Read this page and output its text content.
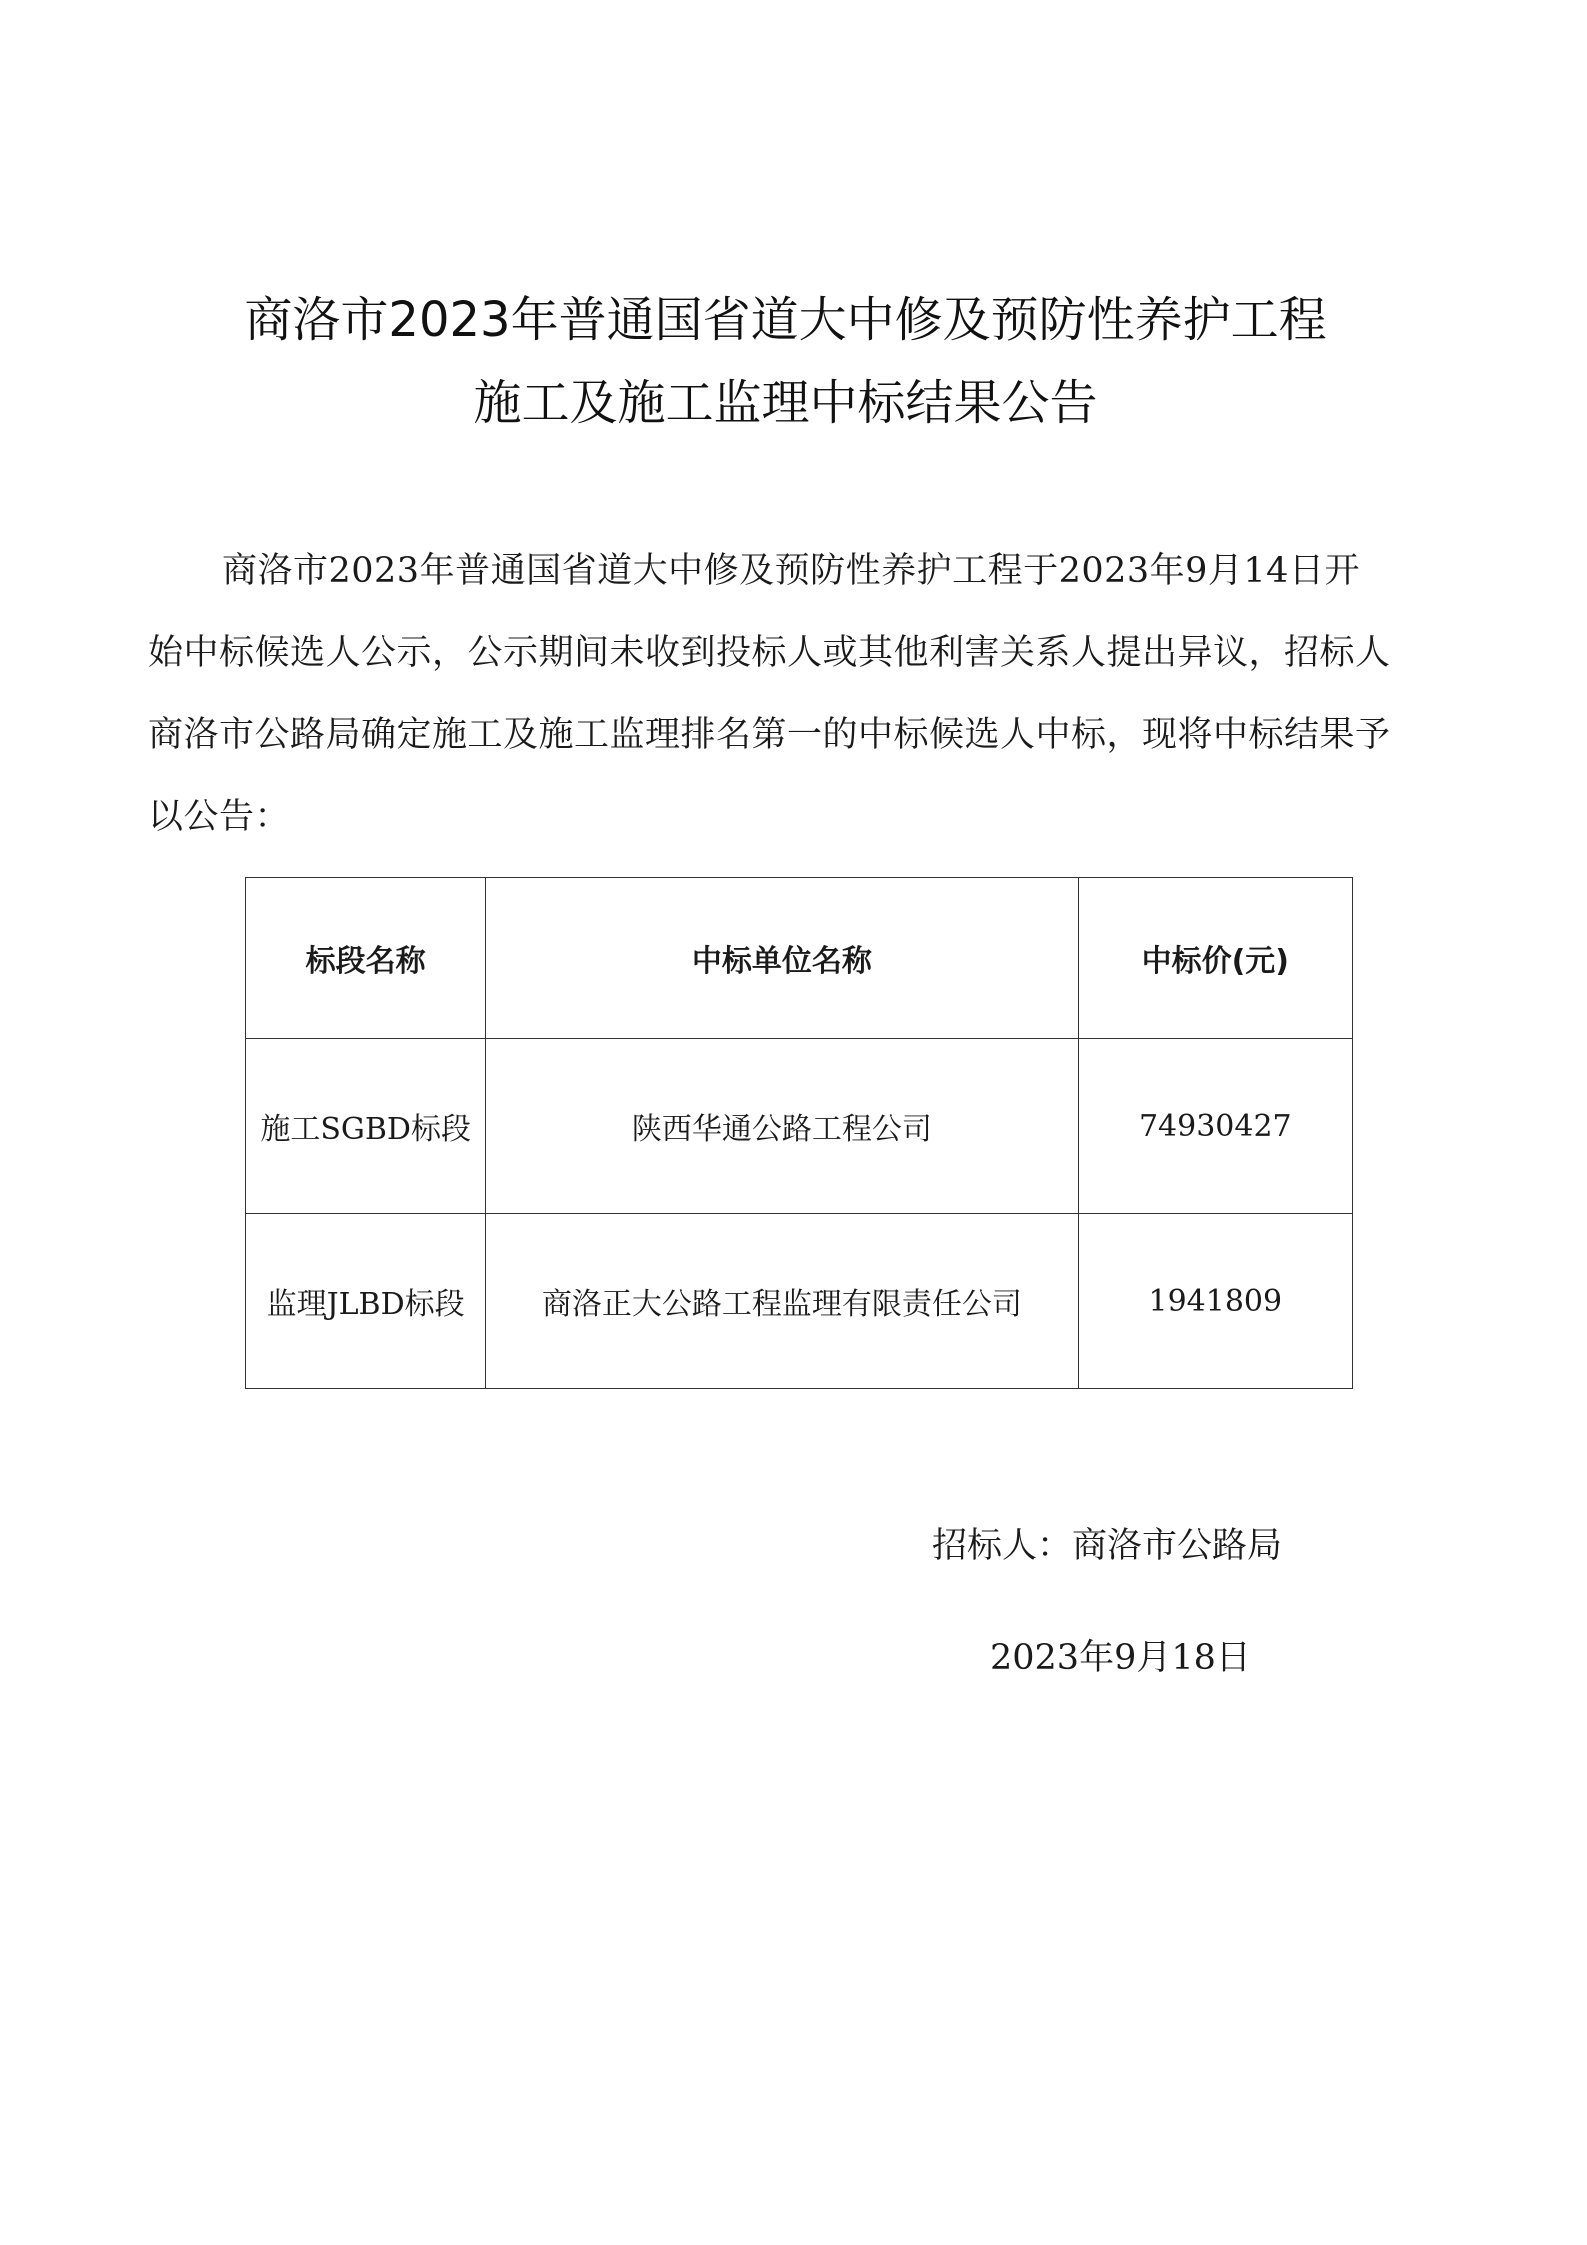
商洛市2023年普通国省道大中修及预防性养护工程
施工及施工监理中标结果公告
商洛市2023年普通国省道大中修及预防性养护工程于2023年9月14日开
始中标候选人公示，公示期间未收到投标人或其他利害关系人提出异议，招标人
商洛市公路局确定施工及施工监理排名第一的中标候选人中标，现将中标结果予
以公告：
标段名称	中标单位名称	中标价(元)
施工SGBD标段	陕西华通公路工程公司	74930427
监理JLBD标段	商洛正大公路工程监理有限责任公司	1941809
招标人：商洛市公路局
2023年9月18日
